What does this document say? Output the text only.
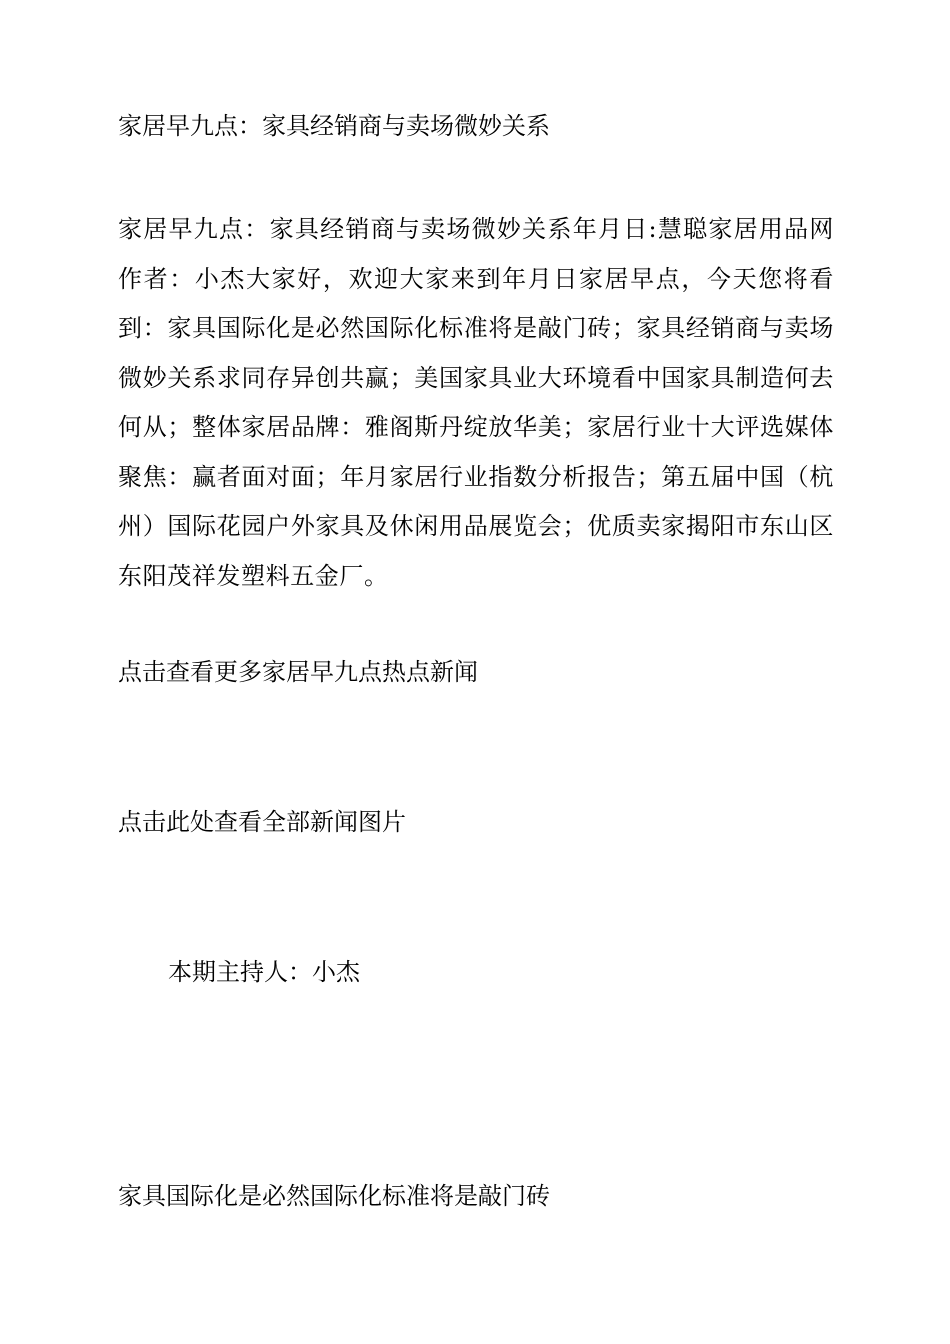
家居早九点：家具经销商与卖场微妙关系
家居早九点：家具经销商与卖场微妙关系年月日:慧聪家居用品网作者：小杰大家好，欢迎大家来到年月日家居早点，今天您将看到：家具国际化是必然国际化标准将是敲门砖；家具经销商与卖场微妙关系求同存异创共赢；美国家具业大环境看中国家具制造何去何从；整体家居品牌：雅阁斯丹绽放华美；家居行业十大评选媒体聚焦：赢者面对面；年月家居行业指数分析报告；第五届中国（杭州）国际花园户外家具及休闲用品展览会；优质卖家揭阳市东山区东阳茂祥发塑料五金厂。
点击查看更多家居早九点热点新闻
点击此处查看全部新闻图片
本期主持人：小杰
家具国际化是必然国际化标准将是敲门砖
